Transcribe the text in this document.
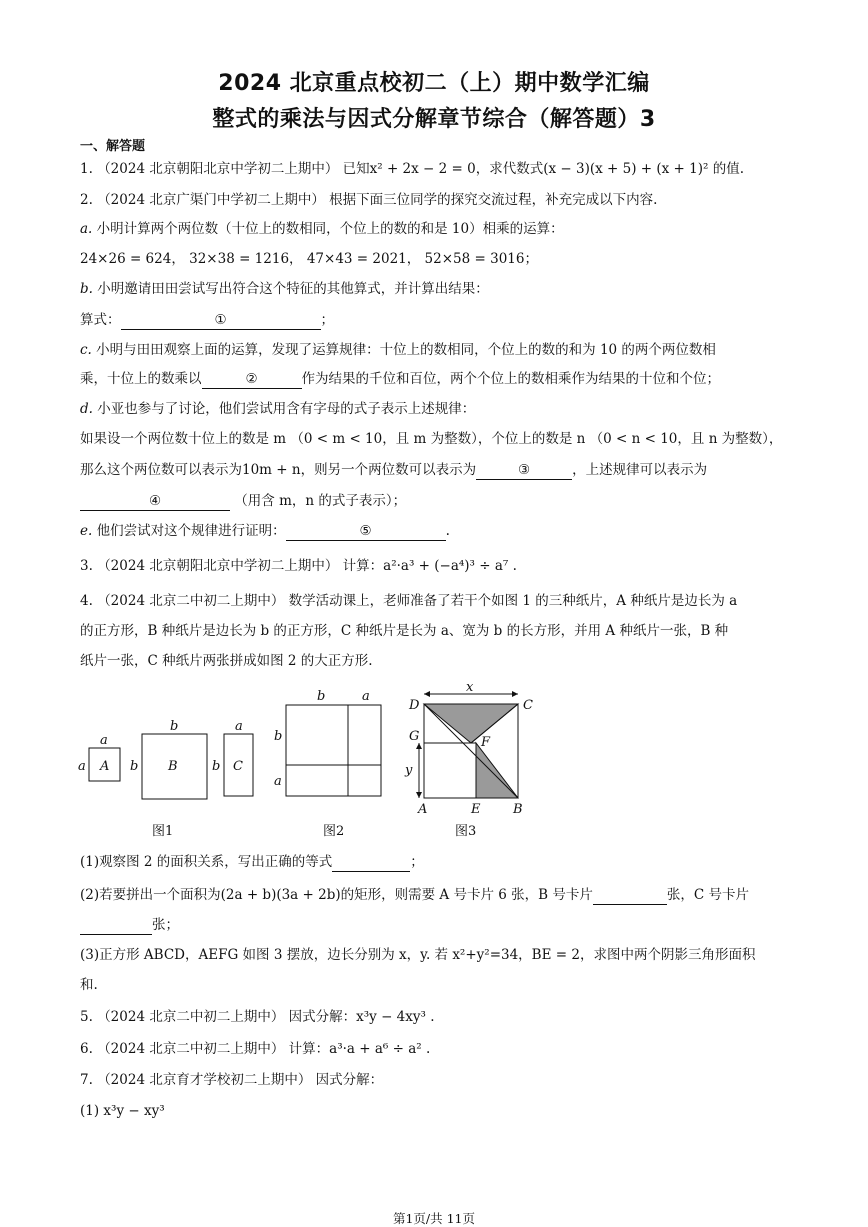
2024 北京重点校初二（上）期中数学汇编
整式的乘法与因式分解章节综合（解答题）3
一、解答题
1. （2024 北京朝阳北京中学初二上期中） 已知x² + 2x − 2 = 0，求代数式(x − 3)(x + 5) + (x + 1)² 的值.
2. （2024 北京广渠门中学初二上期中） 根据下面三位同学的探究交流过程，补充完成以下内容.
a. 小明计算两个两位数（十位上的数相同，个位上的数的和是 10）相乘的运算：
24×26 = 624， 32×38 = 1216， 47×43 = 2021， 52×58 = 3016；
b. 小明邀请田田尝试写出符合这个特征的其他算式，并计算出结果：
算式：	①	；
c. 小明与田田观察上面的运算，发现了运算规律：十位上的数相同，个位上的数的和为 10 的两个两位数相
乘，十位上的数乘以	②	作为结果的千位和百位，两个个位上的数相乘作为结果的十位和个位；
d. 小亚也参与了讨论，他们尝试用含有字母的式子表示上述规律：
如果设一个两位数十位上的数是 m （0 < m < 10，且 m 为整数），个位上的数是 n （0 < n < 10，且 n 为整数），
那么这个两位数可以表示为10m + n，则另一个两位数可以表示为	③	，上述规律可以表示为
④	（用含 m，n 的式子表示）；
e. 他们尝试对这个规律进行证明：	⑤	.
3. （2024 北京朝阳北京中学初二上期中） 计算：a²·a³ + (−a⁴)³ ÷ a⁷ .
4. （2024 北京二中初二上期中） 数学活动课上，老师准备了若干个如图 1 的三种纸片，A 种纸片是边长为 a
的正方形，B 种纸片是边长为 b 的正方形，C 种纸片是长为 a、宽为 b 的长方形，并用 A 种纸片一张，B 种
纸片一张，C 种纸片两张拼成如图 2 的大正方形.
a
a A
b
b B
a
b C
b	a
b
a
x
y
D	C
G	F
A	E	B
图1	图2	图3
(1)观察图 2 的面积关系，写出正确的等式	；
(2)若要拼出一个面积为(2a + b)(3a + 2b)的矩形，则需要 A 号卡片 6 张，B 号卡片	张，C 号卡片
张；
(3)正方形 ABCD，AEFG 如图 3 摆放，边长分别为 x，y. 若 x²+y²=34，BE = 2，求图中两个阴影三角形面积
和.
5. （2024 北京二中初二上期中） 因式分解：x³y − 4xy³ .
6. （2024 北京二中初二上期中） 计算：a³·a + a⁶ ÷ a² .
7. （2024 北京育才学校初二上期中） 因式分解：
(1) x³y − xy³
第1页/共 11页
